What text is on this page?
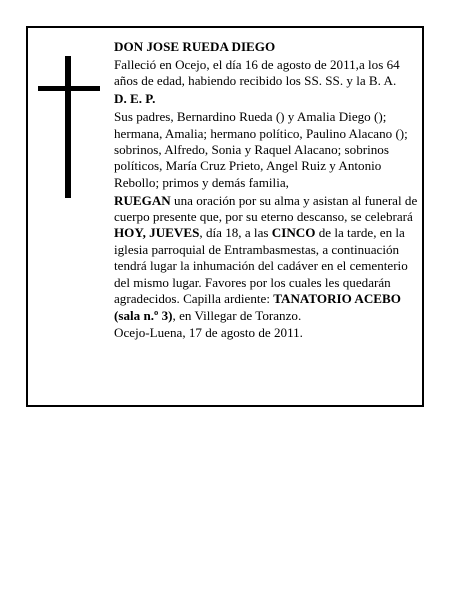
DON JOSE RUEDA DIEGO

Falleció en Ocejo, el día 16 de agosto de 2011,a los 64 años de edad, habiendo recibido los SS. SS. y la B. A.

D. E. P.

Sus padres, Bernardino Rueda () y Amalia Diego (); hermana, Amalia; hermano político, Paulino Alacano (); sobrinos, Alfredo, Sonia y Raquel Alacano; sobrinos políticos, María Cruz Prieto, Angel Ruiz y Antonio Rebollo; primos y demás familia,

RUEGAN una oración por su alma y asistan al funeral de cuerpo presente que, por su eterno descanso, se celebrará HOY, JUEVES, día 18, a las CINCO de la tarde, en la iglesia parroquial de Entrambasmestas, a continuación tendrá lugar la inhumación del cadáver en el cementerio del mismo lugar. Favores por los cuales les quedarán agradecidos. Capilla ardiente: TANATORIO ACEBO (sala n.º 3), en Villegar de Toranzo.

Ocejo-Luena, 17 de agosto de 2011.
